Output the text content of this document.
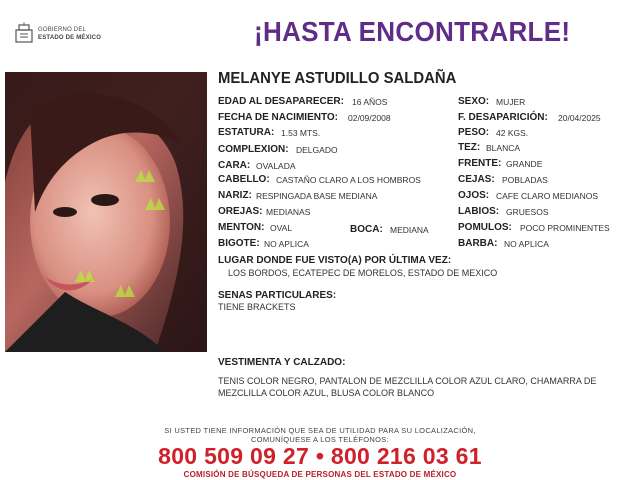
GOBIERNO DEL
ESTADO DE MÉXICO	¡HASTA ENCONTRARLE!
MELANYE ASTUDILLO SALDAÑA
EDAD AL DESAPARECER: 16 AÑOS
FECHA DE NACIMIENTO: 02/09/2008
ESTATURA: 1.53 MTS.
COMPLEXION: DELGADO
CARA: OVALADA
CABELLO: CASTAÑO CLARO A LOS HOMBROS
NARIZ: RESPINGADA BASE MEDIANA
OREJAS: MEDIANAS
MENTON: OVAL	BOCA: MEDIANA
BIGOTE: NO APLICA
SEXO: MUJER
F. DESAPARICIÓN: 20/04/2025
PESO: 42 KGS.
TEZ: BLANCA
FRENTE: GRANDE
CEJAS: POBLADAS
OJOS: CAFE CLARO MEDIANOS
LABIOS: GRUESOS
POMULOS: POCO PROMINENTES
BARBA: NO APLICA
LUGAR DONDE FUE VISTO(A) POR ÚLTIMA VEZ:
LOS BORDOS, ECATEPEC DE MORELOS, ESTADO DE MEXICO
SENAS PARTICULARES:
TIENE BRACKETS
VESTIMENTA Y CALZADO:
TENIS COLOR NEGRO, PANTALON DE MEZCLILLA COLOR AZUL CLARO, CHAMARRA DE MEZCLILLA COLOR AZUL, BLUSA COLOR BLANCO
SI USTED TIENE INFORMACIÓN QUE SEA DE UTILIDAD PARA SU LOCALIZACIÓN,
COMUNÍQUESE A LOS TELÉFONOS:
800 509 09 27 • 800 216 03 61
COMISIÓN DE BÚSQUEDA DE PERSONAS DEL ESTADO DE MÉXICO
